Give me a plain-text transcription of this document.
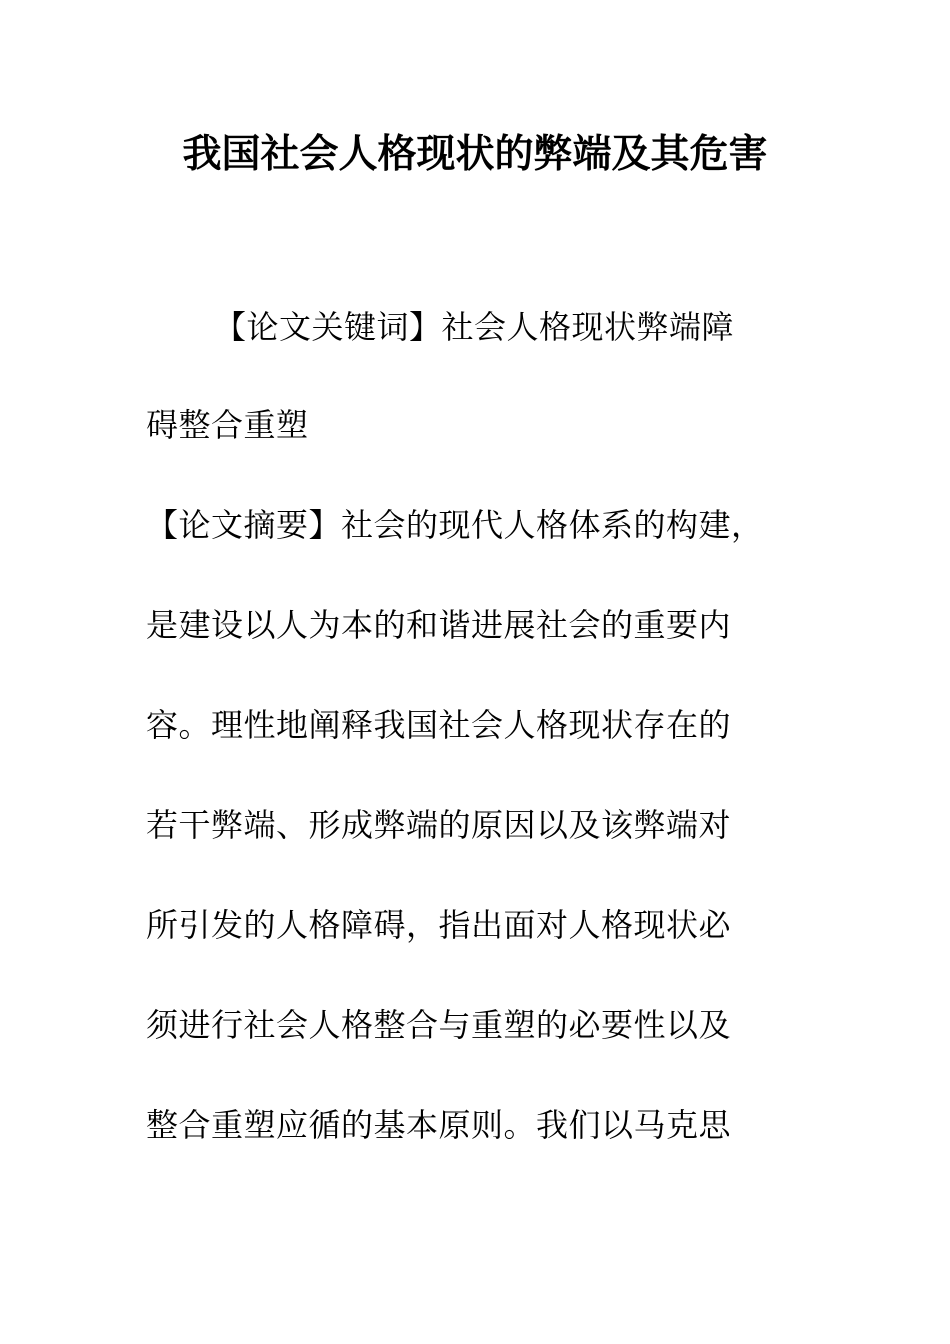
我国社会人格现状的弊端及其危害
【论文关键词】社会人格现状弊端障
碍整合重塑
【论文摘要】社会的现代人格体系的构建，
是建设以人为本的和谐进展社会的重要内
容。理性地阐释我国社会人格现状存在的
若干弊端、形成弊端的原因以及该弊端对
所引发的人格障碍，指出面对人格现状必
须进行社会人格整合与重塑的必要性以及
整合重塑应循的基本原则。我们以马克思
